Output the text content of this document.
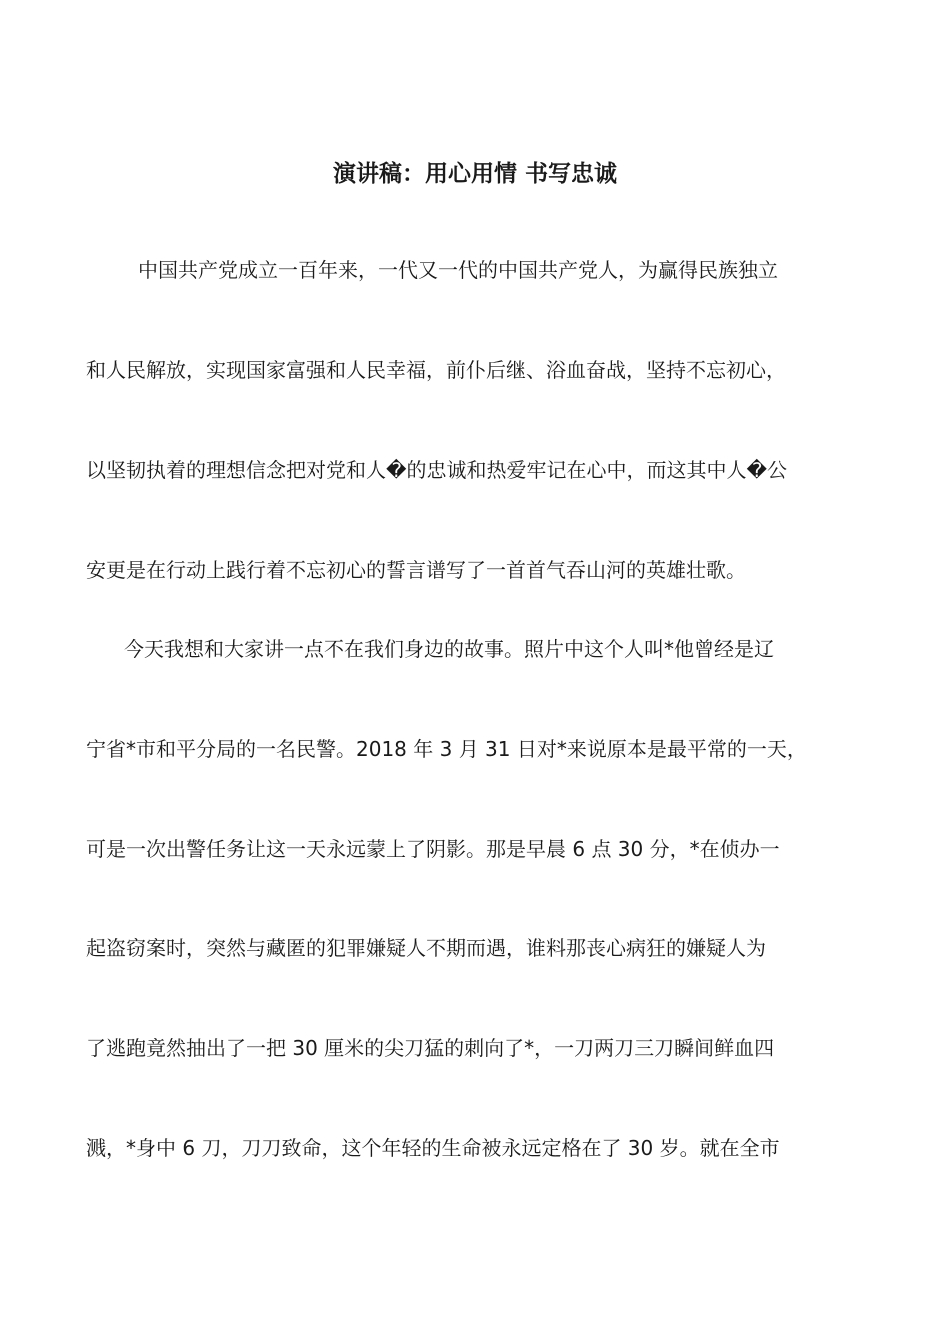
演讲稿：用心用情 书写忠诚
中国共产党成立一百年来，一代又一代的中国共产党人，为赢得民族独立
和人民解放，实现国家富强和人民幸福，前仆后继、浴血奋战，坚持不忘初心，
以坚韧执着的理想信念把对党和人�的忠诚和热爱牢记在心中，而这其中人�公
安更是在行动上践行着不忘初心的誓言谱写了一首首气吞山河的英雄壮歌。
今天我想和大家讲一点不在我们身边的故事。照片中这个人叫*他曾经是辽
宁省*市和平分局的一名民警。2018 年 3 月 31 日对*来说原本是最平常的一天，
可是一次出警任务让这一天永远蒙上了阴影。那是早晨 6 点 30 分，*在侦办一
起盗窃案时，突然与藏匿的犯罪嫌疑人不期而遇，谁料那丧心病狂的嫌疑人为
了逃跑竟然抽出了一把 30 厘米的尖刀猛的刺向了*，一刀两刀三刀瞬间鲜血四
溅，*身中 6 刀，刀刀致命，这个年轻的生命被永远定格在了 30 岁。就在全市
